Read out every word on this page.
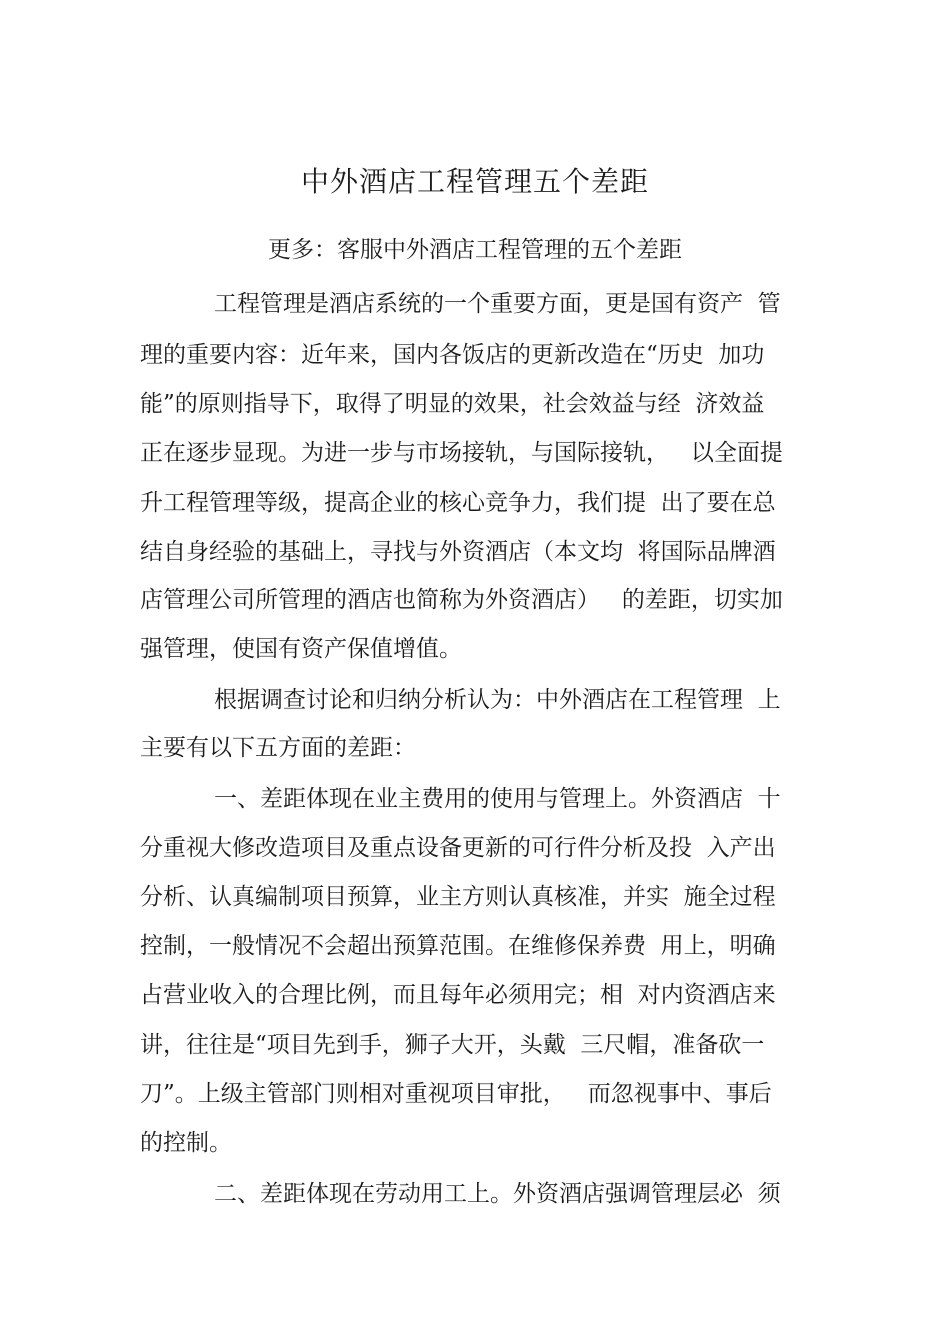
中外酒店工程管理五个差距
更多：客服中外酒店工程管理的五个差距
工程管理是酒店系统的一个重要方面，更是国有资产  管
理的重要内容：近年来，国内各饭店的更新改造在“历史  加功
能”的原则指导下，取得了明显的效果，社会效益与经  济效益
正在逐步显现。为进一步与市场接轨，与国际接轨，   以全面提
升工程管理等级，提高企业的核心竞争力，我们提  出了要在总
结自身经验的基础上，寻找与外资酒店（本文均  将国际品牌酒
店管理公司所管理的酒店也简称为外资酒店）   的差距，切实加
强管理，使国有资产保值增值。
根据调查讨论和归纳分析认为：中外酒店在工程管理  上
主要有以下五方面的差距：
一、差距体现在业主费用的使用与管理上。外资酒店  十
分重视大修改造项目及重点设备更新的可行件分析及投  入产出
分析、认真编制项目预算，业主方则认真核准，并实  施全过程
控制，一般情况不会超出预算范围。在维修保养费  用上，明确
占营业收入的合理比例，而且每年必须用完；相  对内资酒店来
讲，往往是“项目先到手，狮子大开，头戴  三尺帽，准备砍一
刀”。上级主管部门则相对重视项目审批，   而忽视事中、事后
的控制。
二、差距体现在劳动用工上。外资酒店强调管理层必  须
